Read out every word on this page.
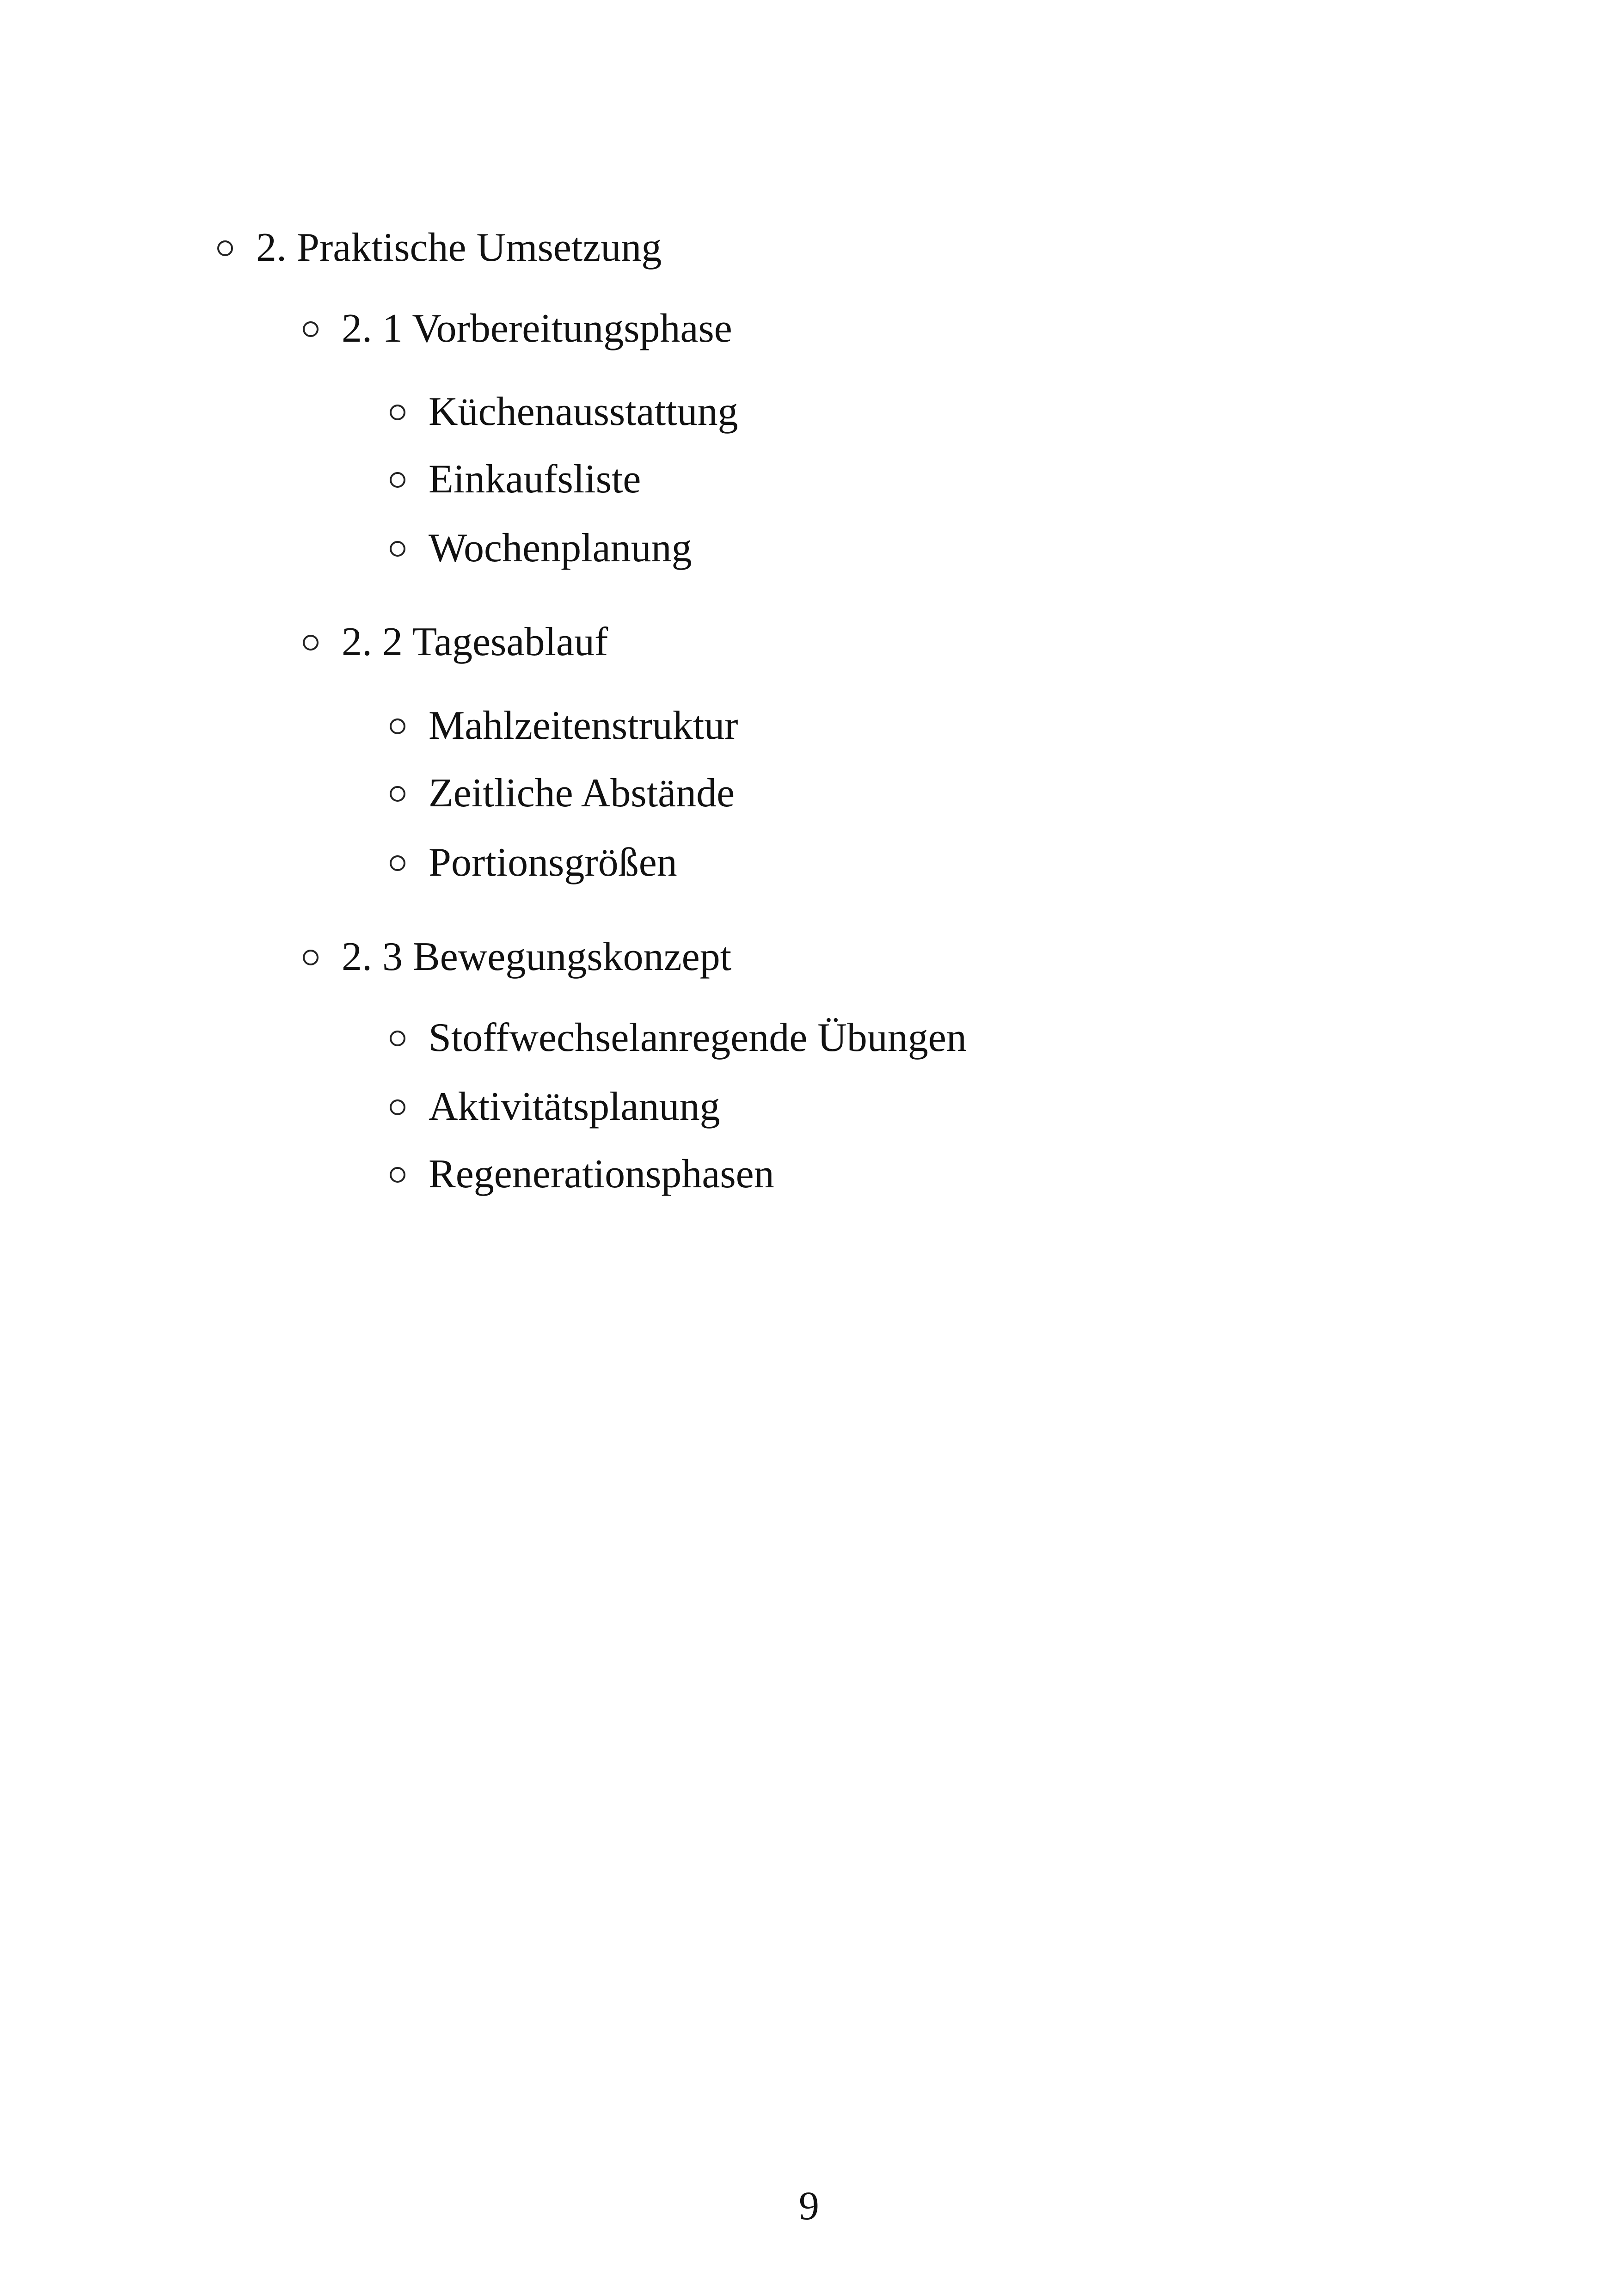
2. Praktische Umsetzung
2. 1 Vorbereitungsphase
Küchenausstattung
Einkaufsliste
Wochenplanung
2. 2 Tagesablauf
Mahlzeitenstruktur
Zeitliche Abstände
Portionsgrößen
2. 3 Bewegungskonzept
Stoffwechselanregende Übungen
Aktivitätsplanung
Regenerationsphasen
9
